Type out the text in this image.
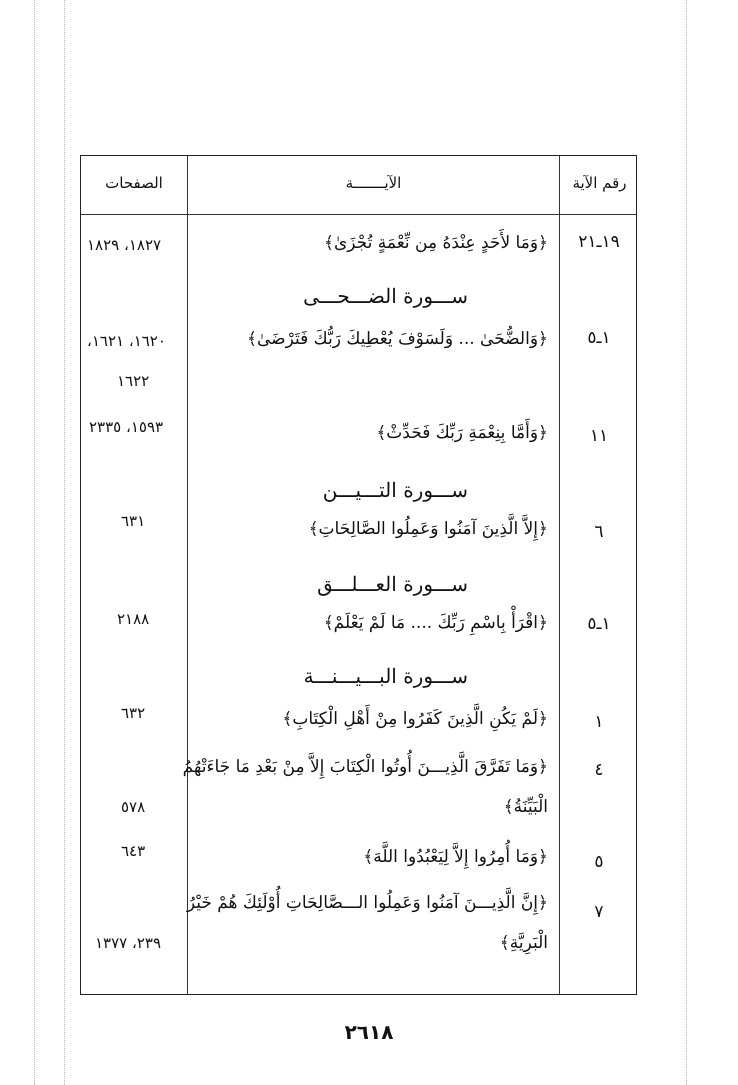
رقم الآية
الآيـــــــة
الصفحات
١٩ـ٢١
﴿وَمَا لأَحَدٍ عِنْدَهُ مِن نِّعْمَةٍ تُجْزَىٰ﴾
١٨٢٧، ١٨٢٩
ســـورة الضـــحـــى
١ـ٥
﴿وَالضُّحَىٰ ... وَلَسَوْفَ يُعْطِيكَ رَبُّكَ فَتَرْضَىٰ﴾
١٦٢٠، ١٦٢١،
١٦٢٢
١١
﴿وَأَمَّا بِنِعْمَةِ رَبِّكَ فَحَدِّثْ﴾
١٥٩٣، ٢٣٣٥
ســـورة التـــيـــن
٦
﴿إِلاَّ الَّذِينَ آمَنُوا وَعَمِلُوا الصَّالِحَاتِ﴾
٦٣١
ســـورة العـــلـــق
١ـ٥
﴿اقْرَأْ بِاسْمِ رَبِّكَ .... مَا لَمْ يَعْلَمْ﴾
٢١٨٨
ســـورة البـــيـــنـــة
١
﴿لَمْ يَكُنِ الَّذِينَ كَفَرُوا مِنْ أَهْلِ الْكِتَابِ﴾
٦٣٢
٤
﴿وَمَا تَفَرَّقَ الَّذِيـــنَ أُوتُوا الْكِتَابَ إِلاَّ مِنْ بَعْدِ مَا جَاءَتْهُمُ
الْبَيِّنَةُ﴾
٥٧٨
٥
﴿وَمَا أُمِرُوا إِلاَّ لِيَعْبُدُوا اللَّهَ﴾
٦٤٣
٧
﴿إِنَّ الَّذِيـــنَ آمَنُوا وَعَمِلُوا الـــصَّالِحَاتِ أُوْلَئِكَ هُمْ خَيْرُ
الْبَرِيَّةِ﴾
٢٣٩، ١٣٧٧
٢٦١٨
